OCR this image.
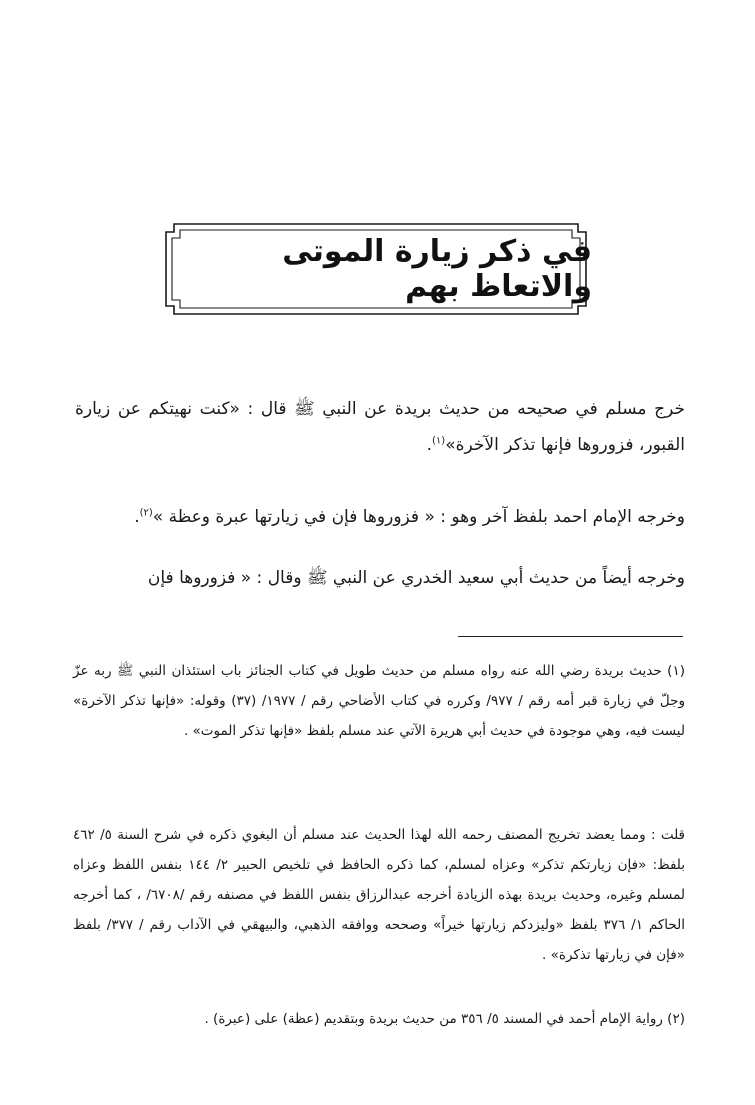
في ذكر زيارة الموتى والاتعاظ بهم
خرج مسلم في صحيحه من حديث بريدة عن النبي ﷺ قال : «كنت نهيتكم عن زيارة القبور، فزوروها فإنها تذكر الآخرة»$^{(١)}$.
وخرجه الإمام احمد بلفظ آخر وهو : « فزوروها فإن في زيارتها عبرة وعظة »$^{(٢)}$.
وخرجه أيضاً من حديث أبي سعيد الخدري عن النبي ﷺ وقال : « فزوروها فإن
(١) حديث بريدة رضي الله عنه رواه مسلم من حديث طويل في كتاب الجنائز باب استئذان النبي ﷺ ربه عزّ وجلّ في زيارة قبر أمه رقم / ٩٧٧/ وكرره في كتاب الأضاحي رقم / ١٩٧٧/ (٣٧) وقوله: «فإنها تذكر الآخرة» ليست فيه، وهي موجودة في حديث أبي هريرة الآتي عند مسلم بلفظ «فإنها تذكر الموت» .
قلت : ومما يعضد تخريج المصنف رحمه الله لهذا الحديث عند مسلم أن البغوي ذكره في شرح السنة ٥/ ٤٦٢ بلفظ: «فإن زيارتكم تذكر» وعزاه لمسلم، كما ذكره الحافظ في تلخيص الحبير ٢/ ١٤٤ بنفس اللفظ وعزاه لمسلم وغيره، وحديث بريدة بهذه الزيادة أخرجه عبدالرزاق بنفس اللفظ في مصنفه رقم /٦٧٠٨/ ، كما أخرجه الحاكم ١/ ٣٧٦ بلفظ «وليزدكم زيارتها خيراً» وصححه ووافقه الذهبي، والبيهقي في الآداب رقم / ٣٧٧/ بلفظ «فإن في زيارتها تذكرة» .
(٢) رواية الإمام أحمد في المسند ٥/ ٣٥٦ من حديث بريدة وبتقديم (عظة) على (عبرة) .
